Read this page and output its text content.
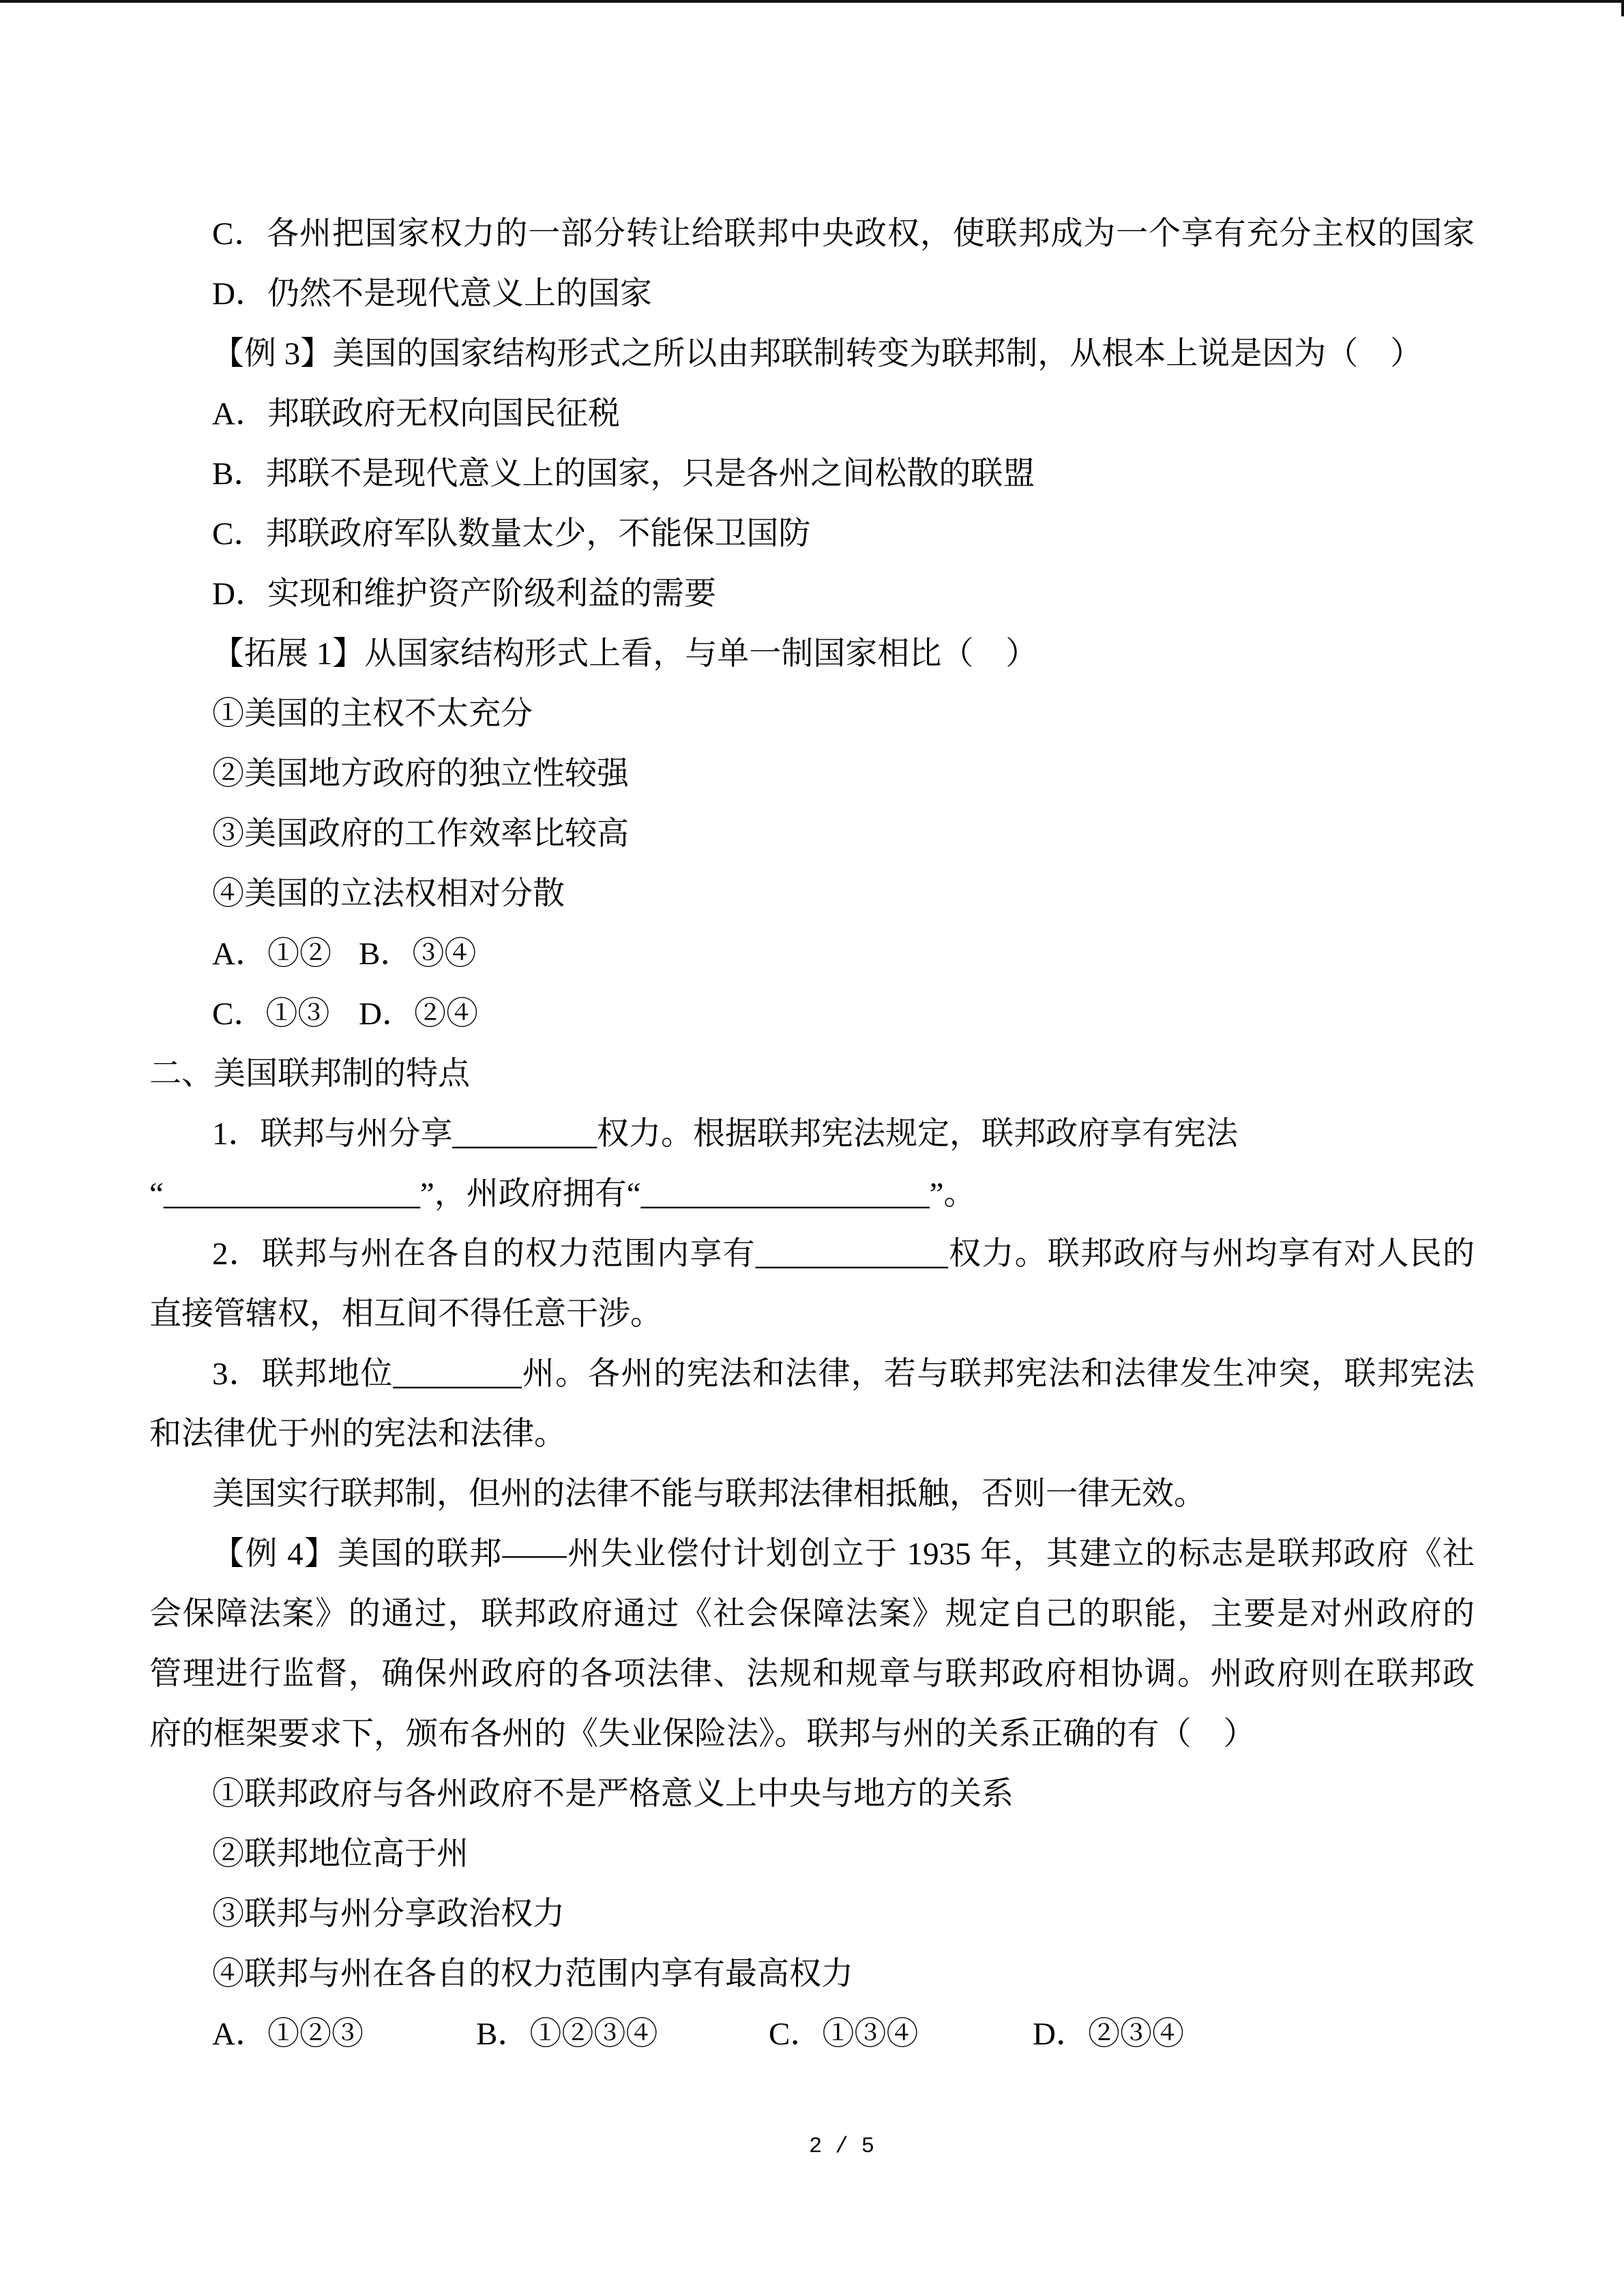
C．各州把国家权力的一部分转让给联邦中央政权，使联邦成为一个享有充分主权的国家
D．仍然不是现代意义上的国家
【例 3】美国的国家结构形式之所以由邦联制转变为联邦制，从根本上说是因为（　）
A．邦联政府无权向国民征税
B．邦联不是现代意义上的国家，只是各州之间松散的联盟
C．邦联政府军队数量太少，不能保卫国防
D．实现和维护资产阶级利益的需要
【拓展 1】从国家结构形式上看，与单一制国家相比（　）
①美国的主权不太充分
②美国地方政府的独立性较强
③美国政府的工作效率比较高
④美国的立法权相对分散
A．①② B．③④
C．①③ D．②④
二、美国联邦制的特点
1．联邦与州分享_________权力。根据联邦宪法规定，联邦政府享有宪法
“________________”，州政府拥有“__________________”。
2．联邦与州在各自的权力范围内享有____________权力。联邦政府与州均享有对人民的
直接管辖权，相互间不得任意干涉。
3．联邦地位________州。各州的宪法和法律，若与联邦宪法和法律发生冲突，联邦宪法
和法律优于州的宪法和法律。
美国实行联邦制，但州的法律不能与联邦法律相抵触，否则一律无效。
【例 4】美国的联邦——州失业偿付计划创立于 1935 年，其建立的标志是联邦政府《社
会保障法案》的通过，联邦政府通过《社会保障法案》规定自己的职能，主要是对州政府的
管理进行监督，确保州政府的各项法律、法规和规章与联邦政府相协调。州政府则在联邦政
府的框架要求下，颁布各州的《失业保险法》。联邦与州的关系正确的有（　）
①联邦政府与各州政府不是严格意义上中央与地方的关系
②联邦地位高于州
③联邦与州分享政治权力
④联邦与州在各自的权力范围内享有最高权力
A．①②③	B．①②③④	C．①③④	D．②③④
2 / 5
